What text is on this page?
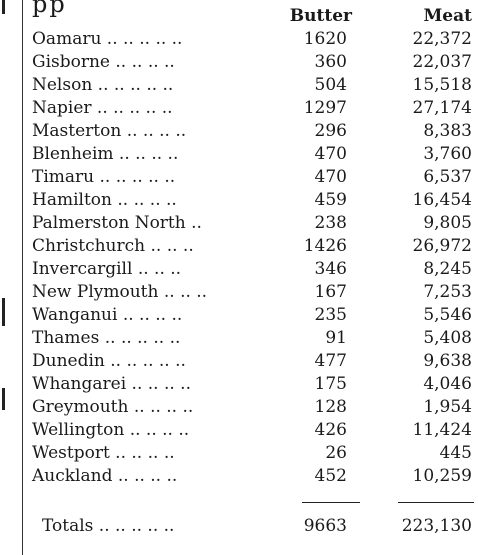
pp	Butter	Meat
Oamaru .. .. .. .. ..	1620	22,372
Gisborne .. .. .. ..	360	22,037
Nelson .. .. .. .. ..	504	15,518
Napier .. .. .. .. ..	1297	27,174
Masterton .. .. .. ..	296	8,383
Blenheim .. .. .. ..	470	3,760
Timaru .. .. .. .. ..	470	6,537
Hamilton .. .. .. ..	459	16,454
Palmerston North ..	238	9,805
Christchurch .. .. ..	1426	26,972
Invercargill .. .. ..	346	8,245
New Plymouth .. .. ..	167	7,253
Wanganui .. .. .. ..	235	5,546
Thames .. .. .. .. ..	91	5,408
Dunedin .. .. .. .. ..	477	9,638
Whangarei .. .. .. ..	175	4,046
Greymouth .. .. .. ..	128	1,954
Wellington .. .. .. ..	426	11,424
Westport .. .. .. ..	26	445
Auckland .. .. .. ..	452	10,259
Totals .. .. .. .. ..	9663	223,130
